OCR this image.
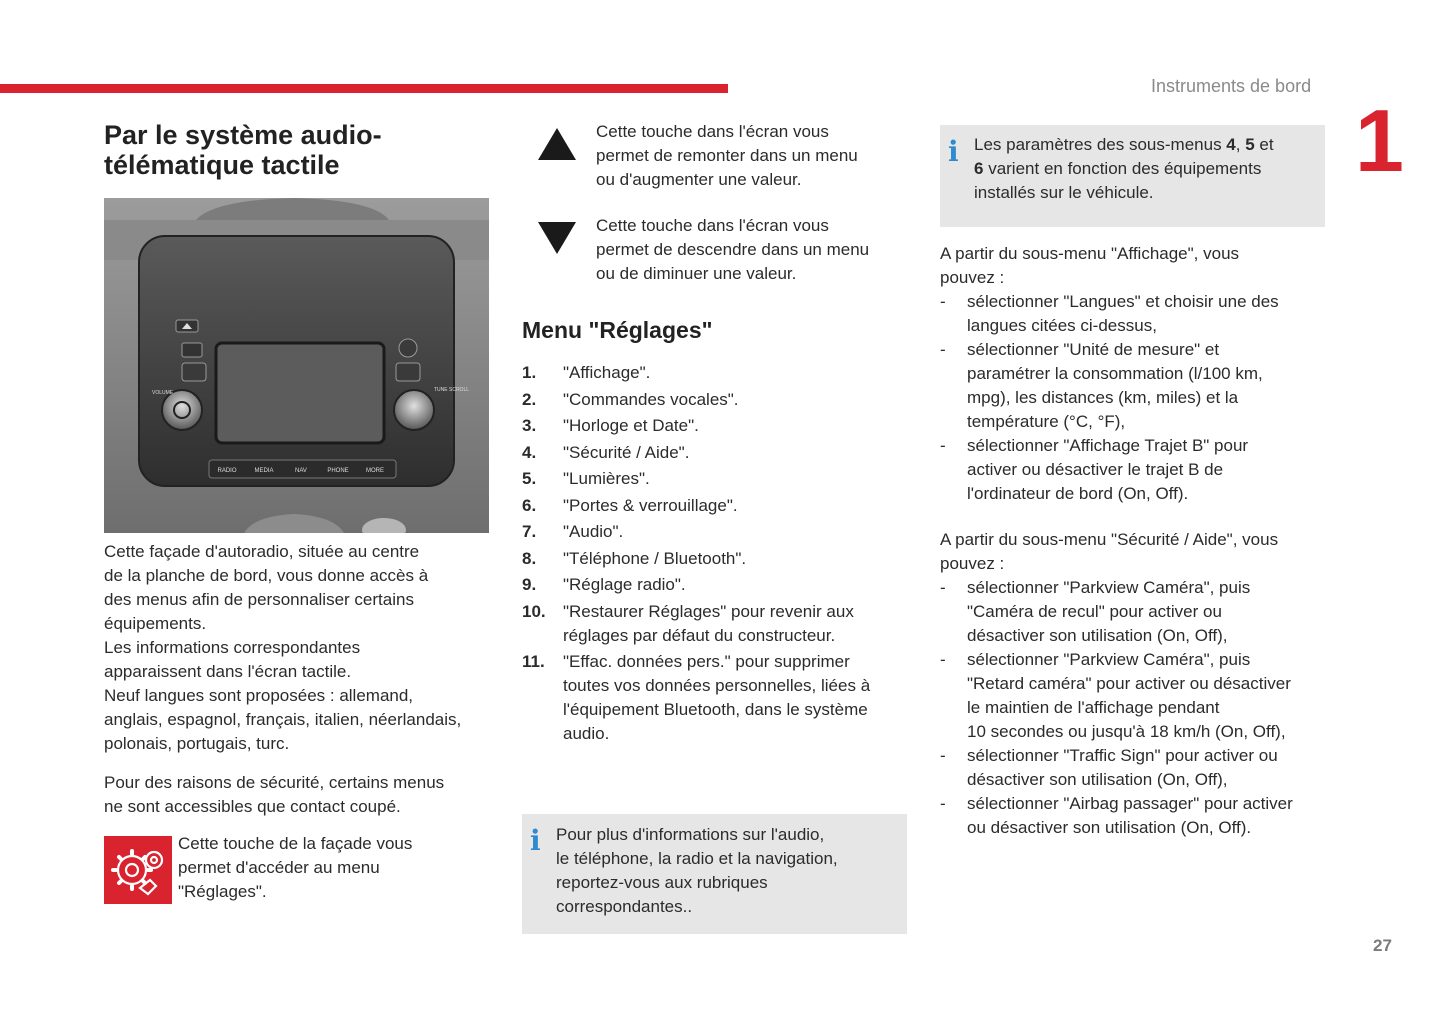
Instruments de bord
1
27
Par le système audio-
télématique tactile
VOLUME	TUNE SCROLL
RADIO	MEDIA	NAV	PHONE	MORE
Cette façade d'autoradio, située au centre
de la planche de bord, vous donne accès à
des menus afin de personnaliser certains
équipements.
Les informations correspondantes
apparaissent dans l'écran tactile.
Neuf langues sont proposées : allemand,
anglais, espagnol, français, italien, néerlandais,
polonais, portugais, turc.
Pour des raisons de sécurité, certains menus
ne sont accessibles que contact coupé.
Cette touche de la façade vous
permet d'accéder au menu
"Réglages".
Cette touche dans l'écran vous
permet de remonter dans un menu
ou d'augmenter une valeur.
Cette touche dans l'écran vous
permet de descendre dans un menu
ou de diminuer une valeur.
Menu "Réglages"
1. "Affichage".
2. "Commandes vocales".
3. "Horloge et Date".
4. "Sécurité / Aide".
5. "Lumières".
6. "Portes & verrouillage".
7. "Audio".
8. "Téléphone / Bluetooth".
9. "Réglage radio".
10. "Restaurer Réglages" pour revenir aux
réglages par défaut du constructeur.
11. "Effac. données pers." pour supprimer
toutes vos données personnelles, liées à
l'équipement Bluetooth, dans le système
audio.
i Pour plus d'informations sur l'audio,
le téléphone, la radio et la navigation,
reportez-vous aux rubriques
correspondantes..
i Les paramètres des sous-menus 4, 5 et
6 varient en fonction des équipements
installés sur le véhicule.
A partir du sous-menu "Affichage", vous
pouvez :
- sélectionner "Langues" et choisir une des
langues citées ci-dessus,
- sélectionner "Unité de mesure" et
paramétrer la consommation (l/100 km,
mpg), les distances (km, miles) et la
température (°C, °F),
- sélectionner "Affichage Trajet B" pour
activer ou désactiver le trajet B de
l'ordinateur de bord (On, Off).
A partir du sous-menu "Sécurité / Aide", vous
pouvez :
- sélectionner "Parkview Caméra", puis
"Caméra de recul" pour activer ou
désactiver son utilisation (On, Off),
- sélectionner "Parkview Caméra", puis
"Retard caméra" pour activer ou désactiver
le maintien de l'affichage pendant
10 secondes ou jusqu'à 18 km/h (On, Off),
- sélectionner "Traffic Sign" pour activer ou
désactiver son utilisation (On, Off),
- sélectionner "Airbag passager" pour activer
ou désactiver son utilisation (On, Off).
